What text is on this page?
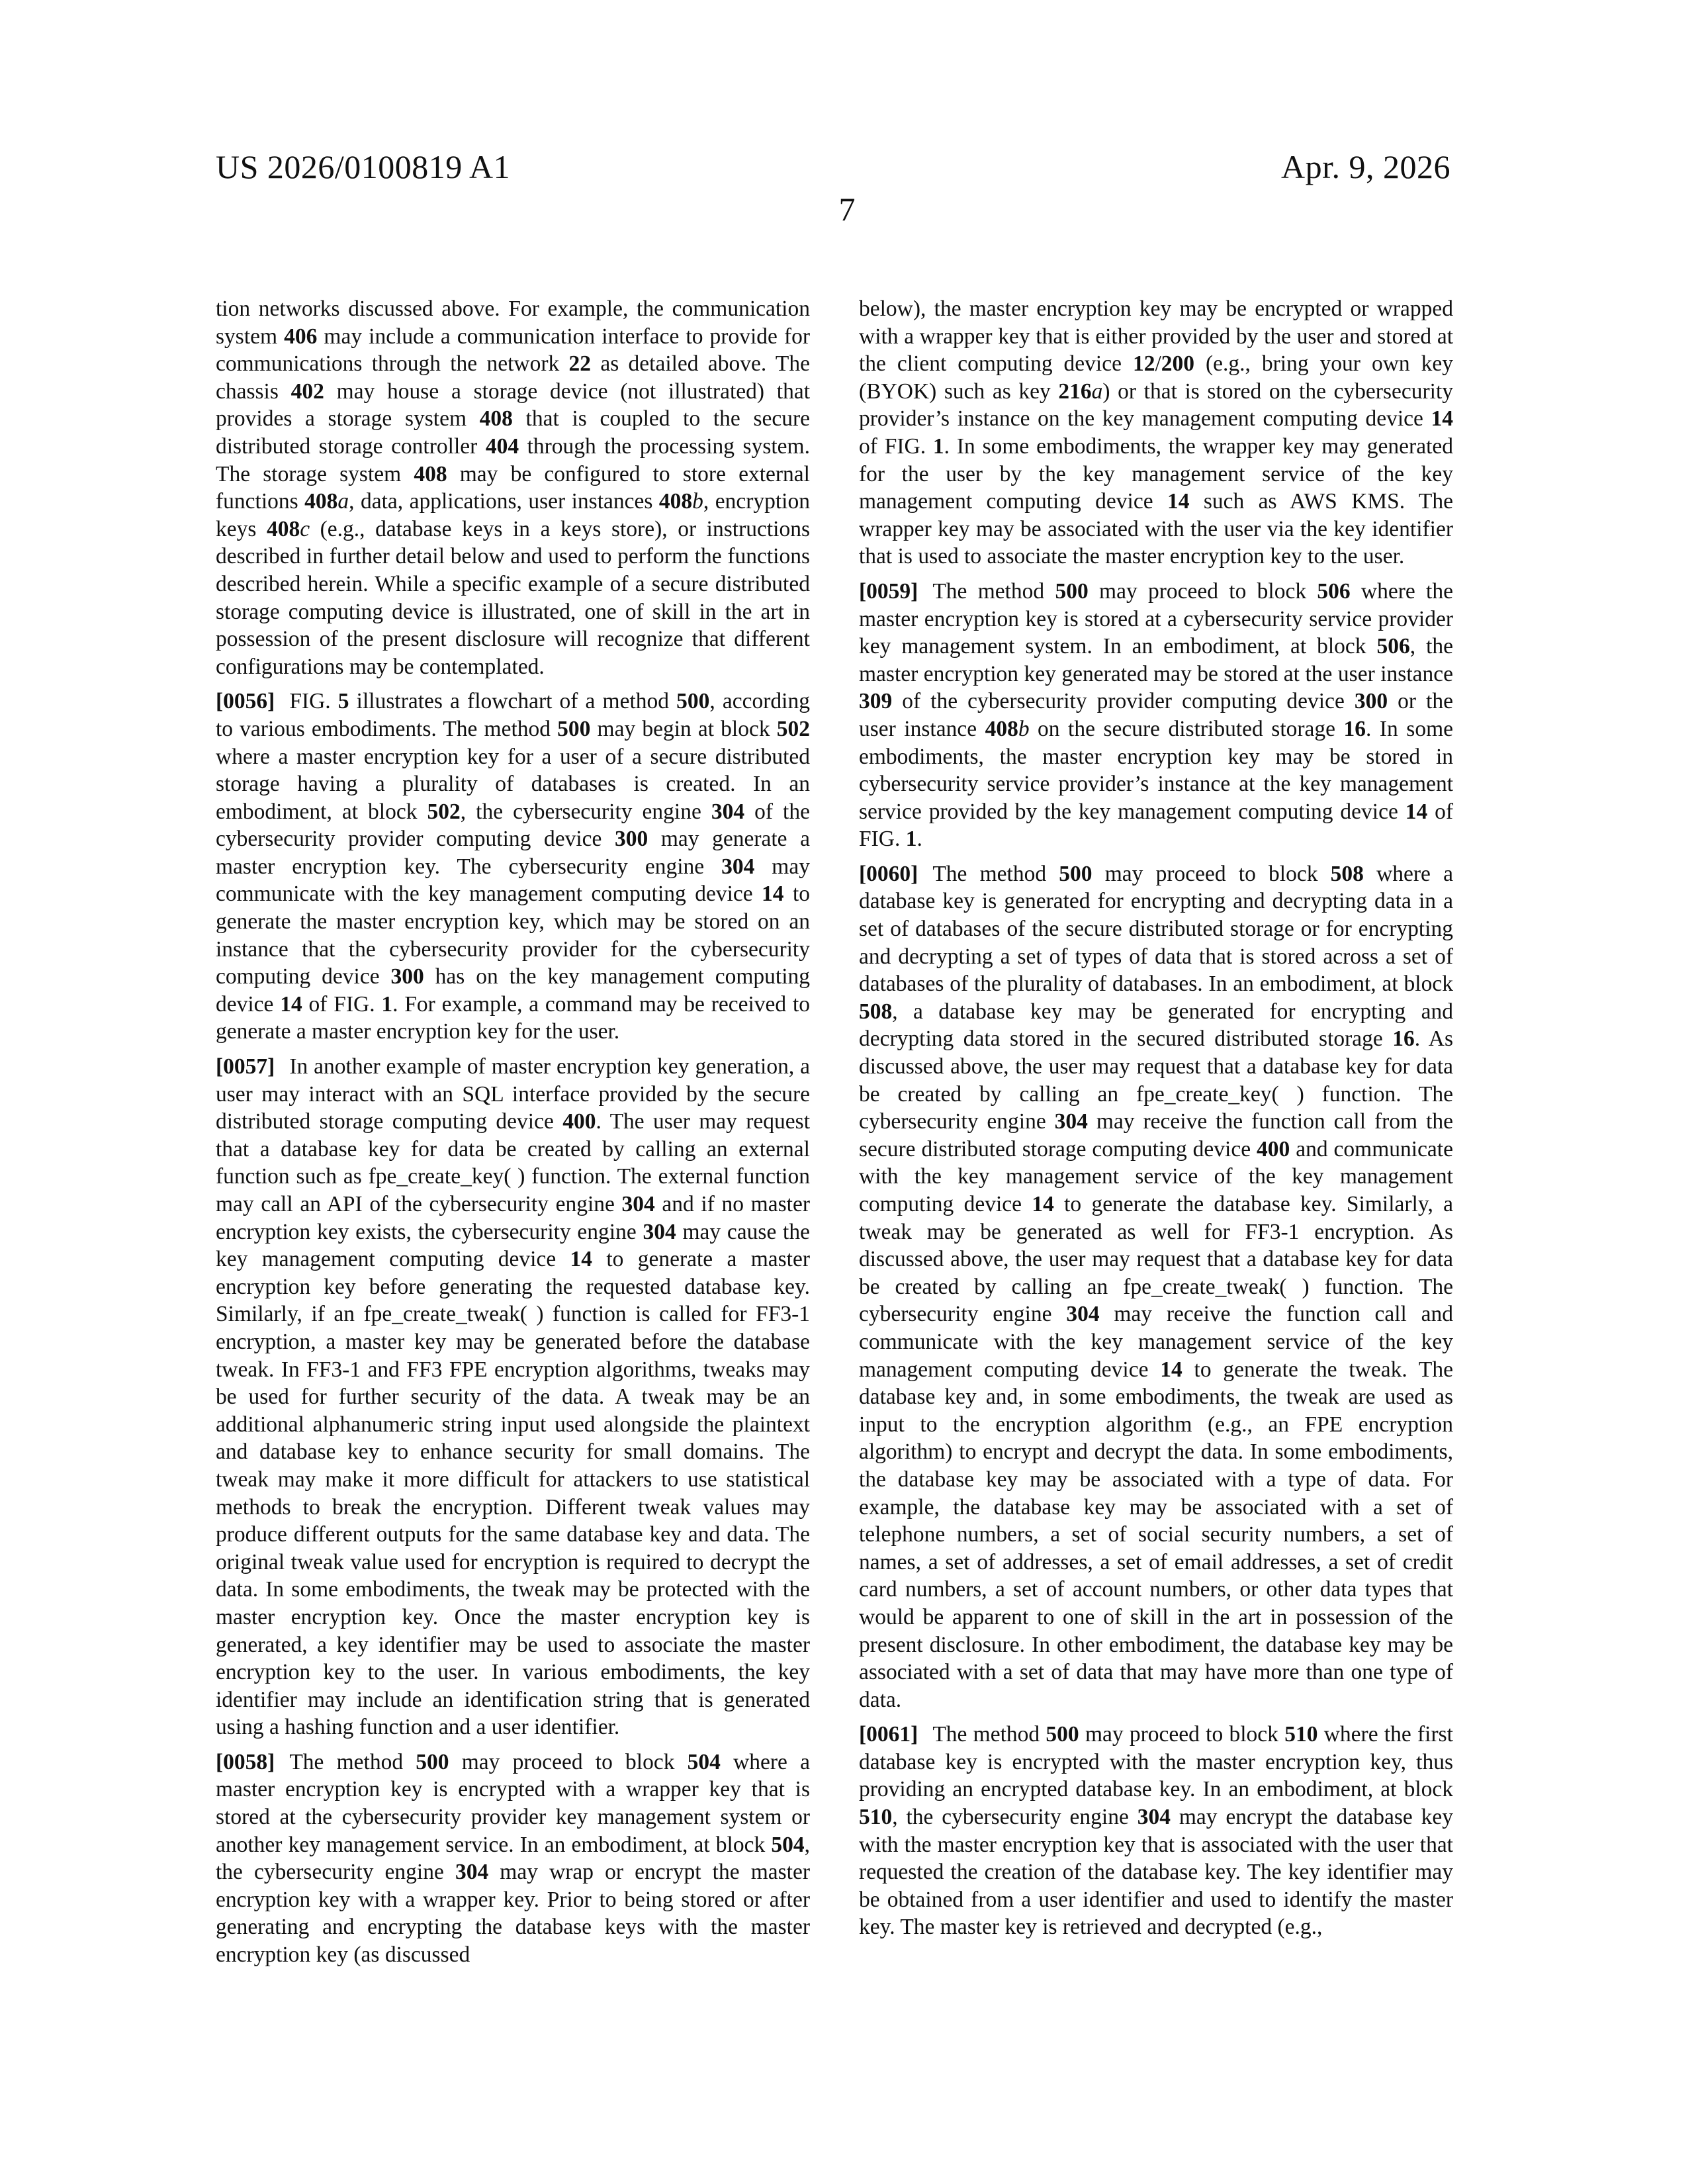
US 2026/0100819 A1	Apr. 9, 2026
7

tion networks discussed above. For example, the communication system 406 may include a communication interface to provide for communications through the network 22 as detailed above. The chassis 402 may house a storage device (not illustrated) that provides a storage system 408 that is coupled to the secure distributed storage controller 404 through the processing system. The storage system 408 may be configured to store external functions 408a, data, applications, user instances 408b, encryption keys 408c (e.g., database keys in a keys store), or instructions described in further detail below and used to perform the functions described herein. While a specific example of a secure distributed storage computing device is illustrated, one of skill in the art in possession of the present disclosure will recognize that different configurations may be contemplated.

[0056] FIG. 5 illustrates a flowchart of a method 500, according to various embodiments. The method 500 may begin at block 502 where a master encryption key for a user of a secure distributed storage having a plurality of databases is created. In an embodiment, at block 502, the cybersecurity engine 304 of the cybersecurity provider computing device 300 may generate a master encryption key. The cybersecurity engine 304 may communicate with the key management computing device 14 to generate the master encryption key, which may be stored on an instance that the cybersecurity provider for the cybersecurity computing device 300 has on the key management computing device 14 of FIG. 1. For example, a command may be received to generate a master encryption key for the user.

[0057] In another example of master encryption key generation, a user may interact with an SQL interface provided by the secure distributed storage computing device 400. The user may request that a database key for data be created by calling an external function such as fpe_create_key( ) function. The external function may call an API of the cybersecurity engine 304 and if no master encryption key exists, the cybersecurity engine 304 may cause the key management computing device 14 to generate a master encryption key before generating the requested database key. Similarly, if an fpe_create_tweak( ) function is called for FF3-1 encryption, a master key may be generated before the database tweak. In FF3-1 and FF3 FPE encryption algorithms, tweaks may be used for further security of the data. A tweak may be an additional alphanumeric string input used alongside the plaintext and database key to enhance security for small domains. The tweak may make it more difficult for attackers to use statistical methods to break the encryption. Different tweak values may produce different outputs for the same database key and data. The original tweak value used for encryption is required to decrypt the data. In some embodiments, the tweak may be protected with the master encryption key. Once the master encryption key is generated, a key identifier may be used to associate the master encryption key to the user. In various embodiments, the key identifier may include an identification string that is generated using a hashing function and a user identifier.

[0058] The method 500 may proceed to block 504 where a master encryption key is encrypted with a wrapper key that is stored at the cybersecurity provider key management system or another key management service. In an embodiment, at block 504, the cybersecurity engine 304 may wrap or encrypt the master encryption key with a wrapper key. Prior to being stored or after generating and encrypting the database keys with the master encryption key (as discussed

below), the master encryption key may be encrypted or wrapped with a wrapper key that is either provided by the user and stored at the client computing device 12/200 (e.g., bring your own key (BYOK) such as key 216a) or that is stored on the cybersecurity provider’s instance on the key management computing device 14 of FIG. 1. In some embodiments, the wrapper key may generated for the user by the key management service of the key management computing device 14 such as AWS KMS. The wrapper key may be associated with the user via the key identifier that is used to associate the master encryption key to the user.

[0059] The method 500 may proceed to block 506 where the master encryption key is stored at a cybersecurity service provider key management system. In an embodiment, at block 506, the master encryption key generated may be stored at the user instance 309 of the cybersecurity provider computing device 300 or the user instance 408b on the secure distributed storage 16. In some embodiments, the master encryption key may be stored in cybersecurity service provider’s instance at the key management service provided by the key management computing device 14 of FIG. 1.

[0060] The method 500 may proceed to block 508 where a database key is generated for encrypting and decrypting data in a set of databases of the secure distributed storage or for encrypting and decrypting a set of types of data that is stored across a set of databases of the plurality of databases. In an embodiment, at block 508, a database key may be generated for encrypting and decrypting data stored in the secured distributed storage 16. As discussed above, the user may request that a database key for data be created by calling an fpe_create_key( ) function. The cybersecurity engine 304 may receive the function call from the secure distributed storage computing device 400 and communicate with the key management service of the key management computing device 14 to generate the database key. Similarly, a tweak may be generated as well for FF3-1 encryption. As discussed above, the user may request that a database key for data be created by calling an fpe_create_tweak( ) function. The cybersecurity engine 304 may receive the function call and communicate with the key management service of the key management computing device 14 to generate the tweak. The database key and, in some embodiments, the tweak are used as input to the encryption algorithm (e.g., an FPE encryption algorithm) to encrypt and decrypt the data. In some embodiments, the database key may be associated with a type of data. For example, the database key may be associated with a set of telephone numbers, a set of social security numbers, a set of names, a set of addresses, a set of email addresses, a set of credit card numbers, a set of account numbers, or other data types that would be apparent to one of skill in the art in possession of the present disclosure. In other embodiment, the database key may be associated with a set of data that may have more than one type of data.

[0061] The method 500 may proceed to block 510 where the first database key is encrypted with the master encryption key, thus providing an encrypted database key. In an embodiment, at block 510, the cybersecurity engine 304 may encrypt the database key with the master encryption key that is associated with the user that requested the creation of the database key. The key identifier may be obtained from a user identifier and used to identify the master key. The master key is retrieved and decrypted (e.g.,
